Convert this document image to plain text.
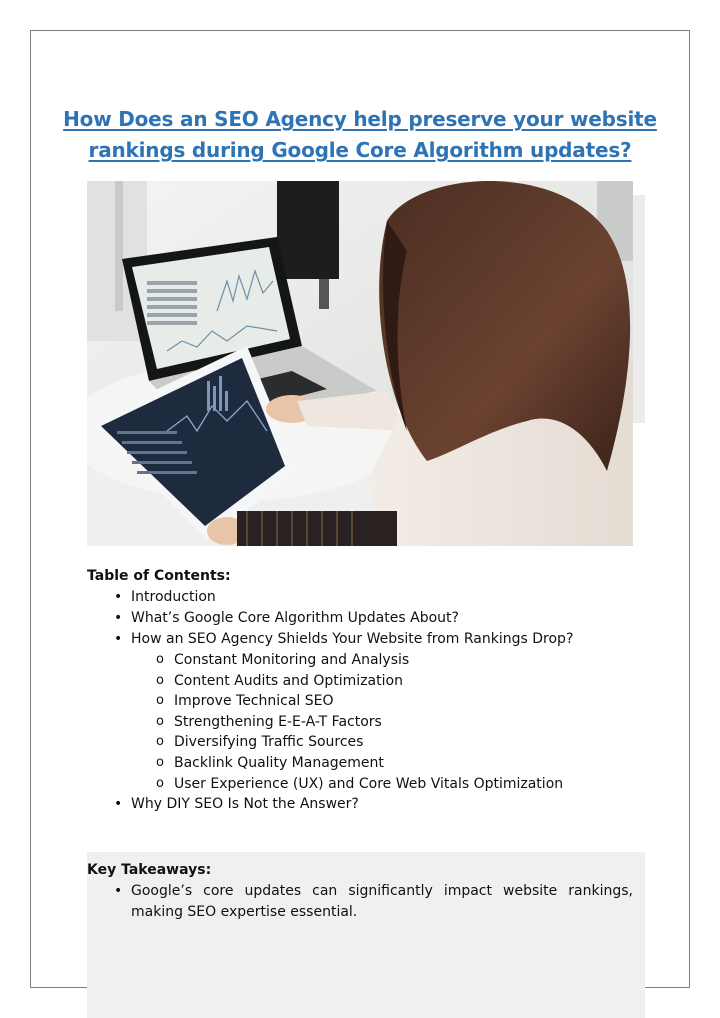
How Does an SEO Agency help preserve your website rankings during Google Core Algorithm updates?

Table of Contents:

• Introduction
• What’s Google Core Algorithm Updates About?
• How an SEO Agency Shields Your Website from Rankings Drop?
o Constant Monitoring and Analysis
o Content Audits and Optimization
o Improve Technical SEO
o Strengthening E-E-A-T Factors
o Diversifying Traffic Sources
o Backlink Quality Management
o User Experience (UX) and Core Web Vitals Optimization
• Why DIY SEO Is Not the Answer?

Key Takeaways:

• Google’s core updates can significantly impact website rankings, making SEO expertise essential.
